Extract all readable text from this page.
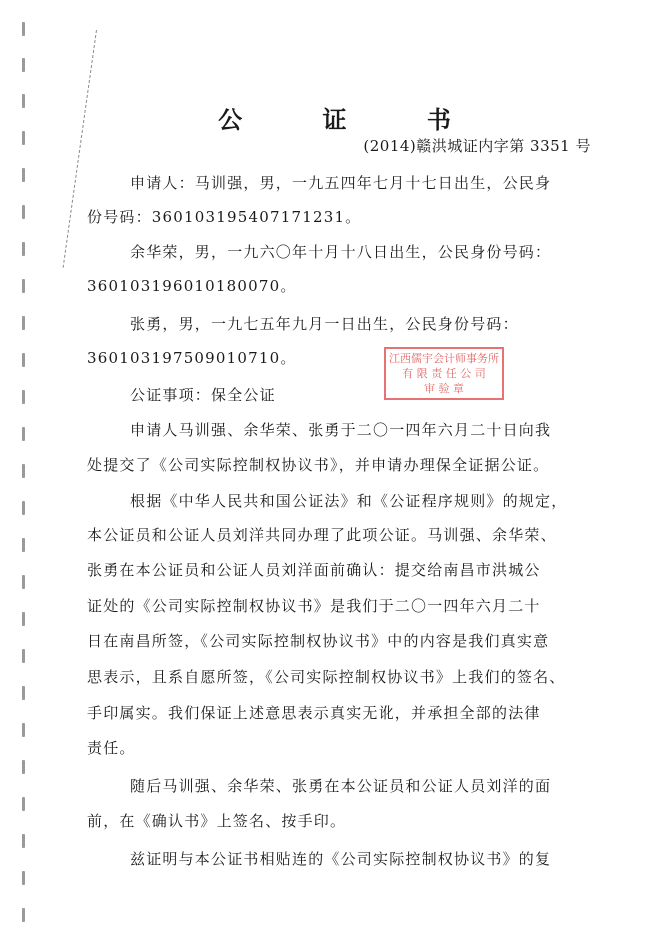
公 证 书
(2014)赣洪城证内字第 3351 号
申请人：马训强，男，一九五四年七月十七日出生，公民身
份号码：360103195407171231。
余华荣，男，一九六〇年十月十八日出生，公民身份号码：
360103196010180070。
张勇，男，一九七五年九月一日出生，公民身份号码：
360103197509010710。
公证事项：保全公证
申请人马训强、余华荣、张勇于二〇一四年六月二十日向我
处提交了《公司实际控制权协议书》，并申请办理保全证据公证。
根据《中华人民共和国公证法》和《公证程序规则》的规定，
本公证员和公证人员刘洋共同办理了此项公证。马训强、余华荣、
张勇在本公证员和公证人员刘洋面前确认：提交给南昌市洪城公
证处的《公司实际控制权协议书》是我们于二〇一四年六月二十
日在南昌所签，《公司实际控制权协议书》中的内容是我们真实意
思表示，且系自愿所签，《公司实际控制权协议书》上我们的签名、
手印属实。我们保证上述意思表示真实无讹，并承担全部的法律
责任。
随后马训强、余华荣、张勇在本公证员和公证人员刘洋的面
前，在《确认书》上签名、按手印。
兹证明与本公证书相贴连的《公司实际控制权协议书》的复
江西儒宇会计师事务所
有 限 责 任 公 司
审 验 章
